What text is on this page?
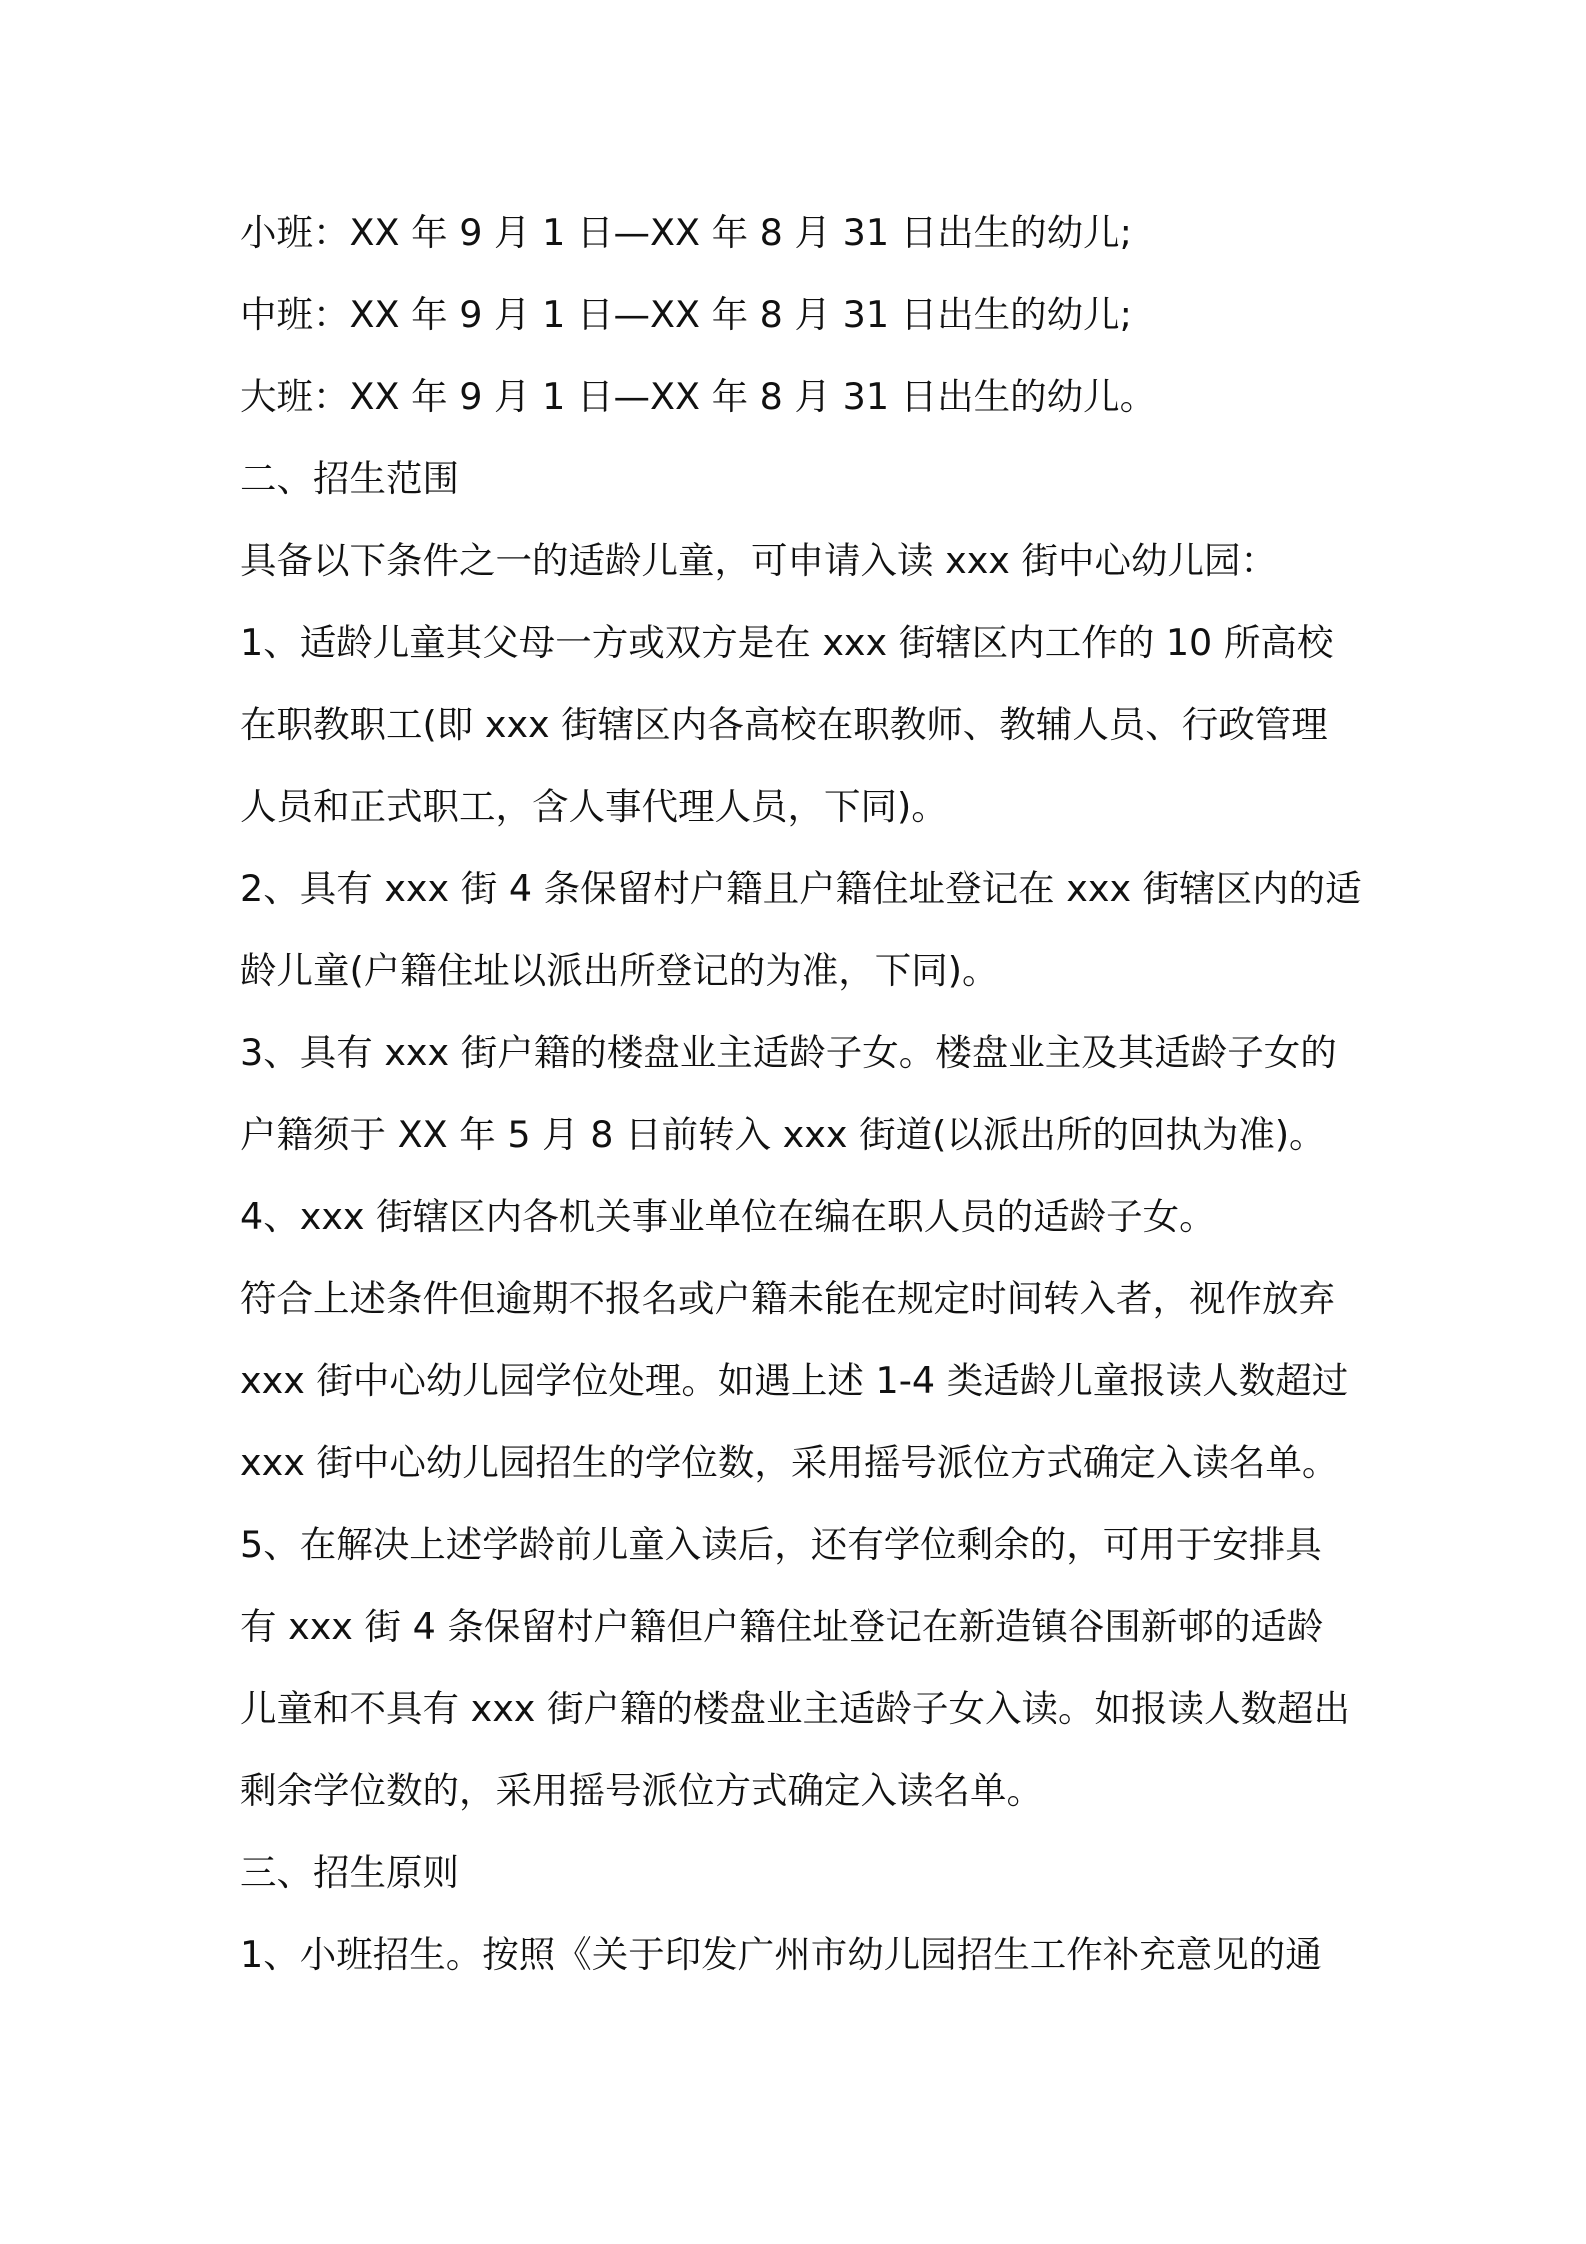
小班：XX 年 9 月 1 日—XX 年 8 月 31 日出生的幼儿;
中班：XX 年 9 月 1 日—XX 年 8 月 31 日出生的幼儿;
大班：XX 年 9 月 1 日—XX 年 8 月 31 日出生的幼儿。
二、招生范围
具备以下条件之一的适龄儿童，可申请入读 xxx 街中心幼儿园：
1、适龄儿童其父母一方或双方是在 xxx 街辖区内工作的 10 所高校
在职教职工(即 xxx 街辖区内各高校在职教师、教辅人员、行政管理
人员和正式职工，含人事代理人员，下同)。
2、具有 xxx 街 4 条保留村户籍且户籍住址登记在 xxx 街辖区内的适
龄儿童(户籍住址以派出所登记的为准，下同)。
3、具有 xxx 街户籍的楼盘业主适龄子女。楼盘业主及其适龄子女的
户籍须于 XX 年 5 月 8 日前转入 xxx 街道(以派出所的回执为准)。
4、xxx 街辖区内各机关事业单位在编在职人员的适龄子女。
符合上述条件但逾期不报名或户籍未能在规定时间转入者，视作放弃
xxx 街中心幼儿园学位处理。如遇上述 1-4 类适龄儿童报读人数超过
xxx 街中心幼儿园招生的学位数，采用摇号派位方式确定入读名单。
5、在解决上述学龄前儿童入读后，还有学位剩余的，可用于安排具
有 xxx 街 4 条保留村户籍但户籍住址登记在新造镇谷围新邨的适龄
儿童和不具有 xxx 街户籍的楼盘业主适龄子女入读。如报读人数超出
剩余学位数的，采用摇号派位方式确定入读名单。
三、招生原则
1、小班招生。按照《关于印发广州市幼儿园招生工作补充意见的通
